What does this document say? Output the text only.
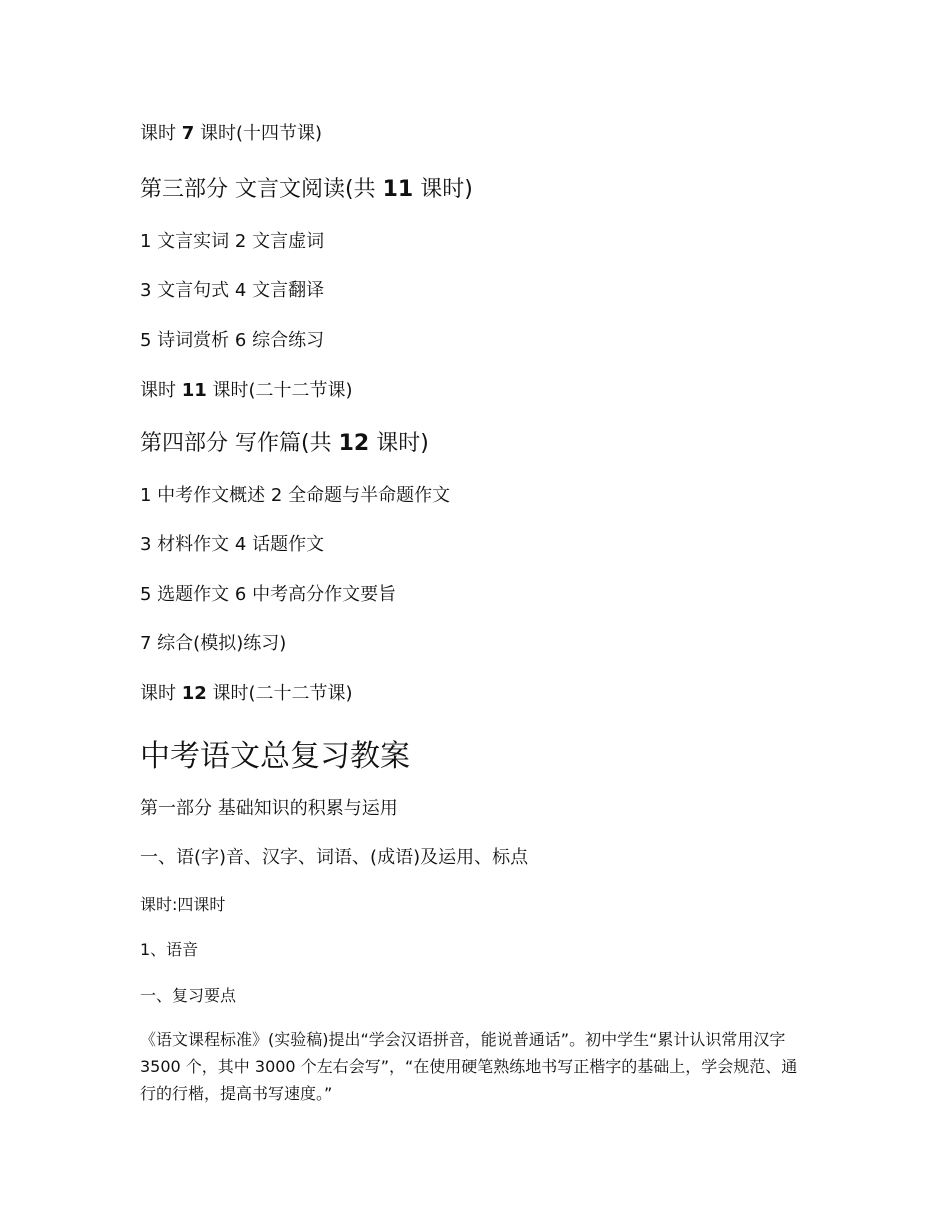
课时 7 课时(十四节课)

第三部分 文言文阅读(共 11 课时)

1 文言实词 2 文言虚词

3 文言句式 4 文言翻译

5 诗词赏析 6 综合练习

课时 11 课时(二十二节课)

第四部分 写作篇(共 12 课时)

1 中考作文概述 2 全命题与半命题作文

3 材料作文 4 话题作文

5 选题作文 6 中考高分作文要旨

7 综合(模拟)练习)

课时 12 课时(二十二节课)

中考语文总复习教案

第一部分 基础知识的积累与运用

一、语(字)音、汉字、词语、(成语)及运用、标点

课时:四课时

1、语音

一、复习要点

《语文课程标准》(实验稿)提出“学会汉语拼音，能说普通话”。初中学生“累计认识常用汉字 3500 个，其中 3000 个左右会写”，“在使用硬笔熟练地书写正楷字的基础上，学会规范、通行的行楷，提高书写速度。”
